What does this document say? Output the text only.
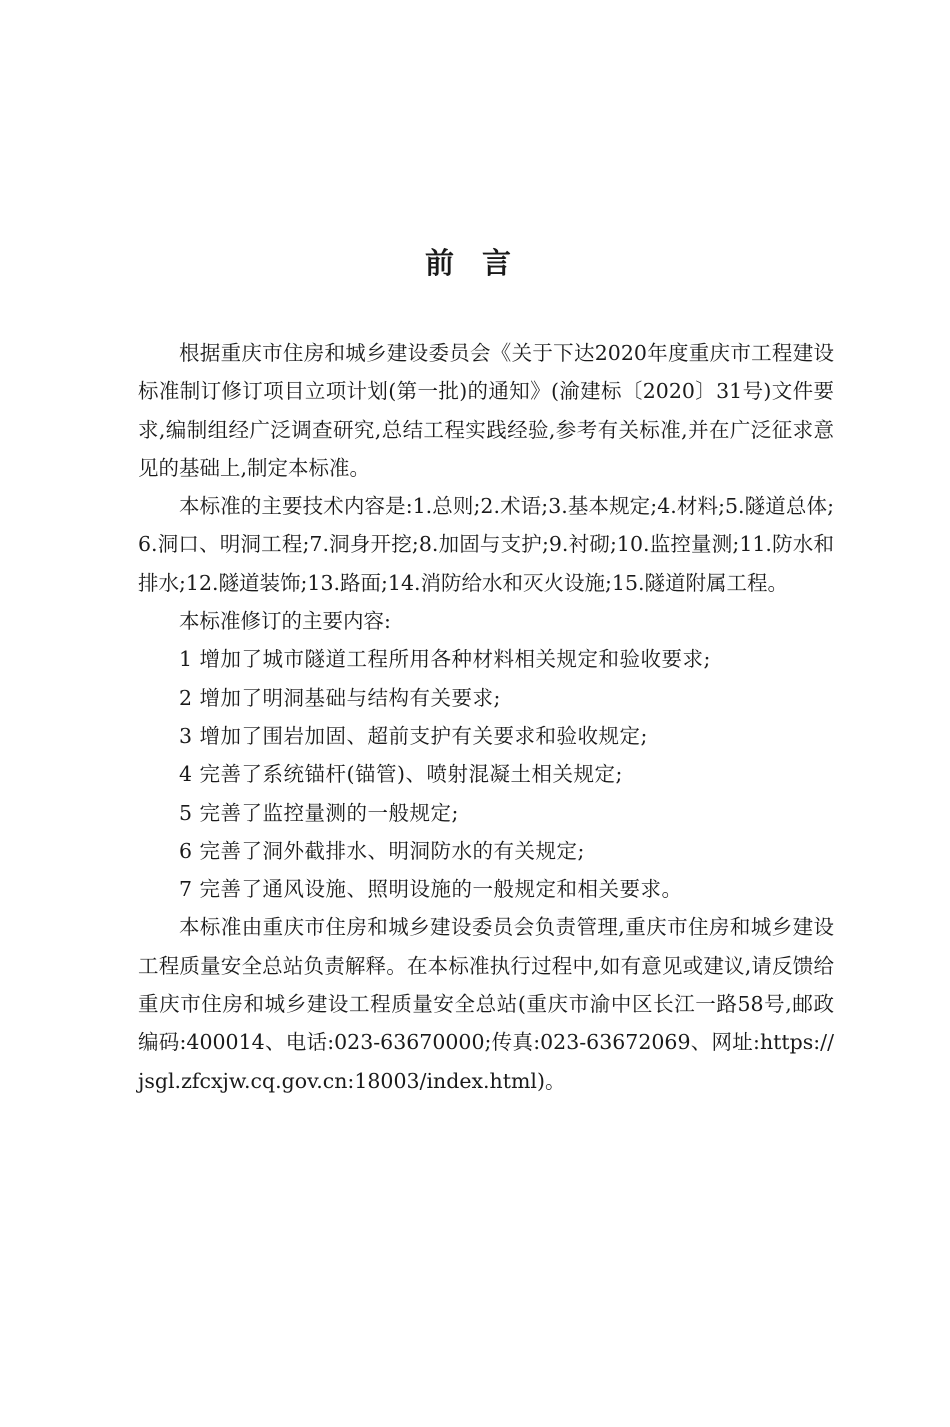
前言

根据重庆市住房和城乡建设委员会《关于下达2020年度重庆市工程建设标准制订修订项目立项计划(第一批)的通知》(渝建标〔2020〕31号)文件要求,编制组经广泛调查研究,总结工程实践经验,参考有关标准,并在广泛征求意见的基础上,制定本标准。

本标准的主要技术内容是:1.总则;2.术语;3.基本规定;4.材料;5.隧道总体;6.洞口、明洞工程;7.洞身开挖;8.加固与支护;9.衬砌;10.监控量测;11.防水和排水;12.隧道装饰;13.路面;14.消防给水和灭火设施;15.隧道附属工程。

本标准修订的主要内容:

1 增加了城市隧道工程所用各种材料相关规定和验收要求;

2 增加了明洞基础与结构有关要求;

3 增加了围岩加固、超前支护有关要求和验收规定;

4 完善了系统锚杆(锚管)、喷射混凝土相关规定;

5 完善了监控量测的一般规定;

6 完善了洞外截排水、明洞防水的有关规定;

7 完善了通风设施、照明设施的一般规定和相关要求。

本标准由重庆市住房和城乡建设委员会负责管理,重庆市住房和城乡建设工程质量安全总站负责解释。在本标准执行过程中,如有意见或建议,请反馈给重庆市住房和城乡建设工程质量安全总站(重庆市渝中区长江一路58号,邮政编码:400014、电话:023-63670000;传真:023-63672069、网址:https://jsgl.zfcxjw.cq.gov.cn:18003/index.html)。
